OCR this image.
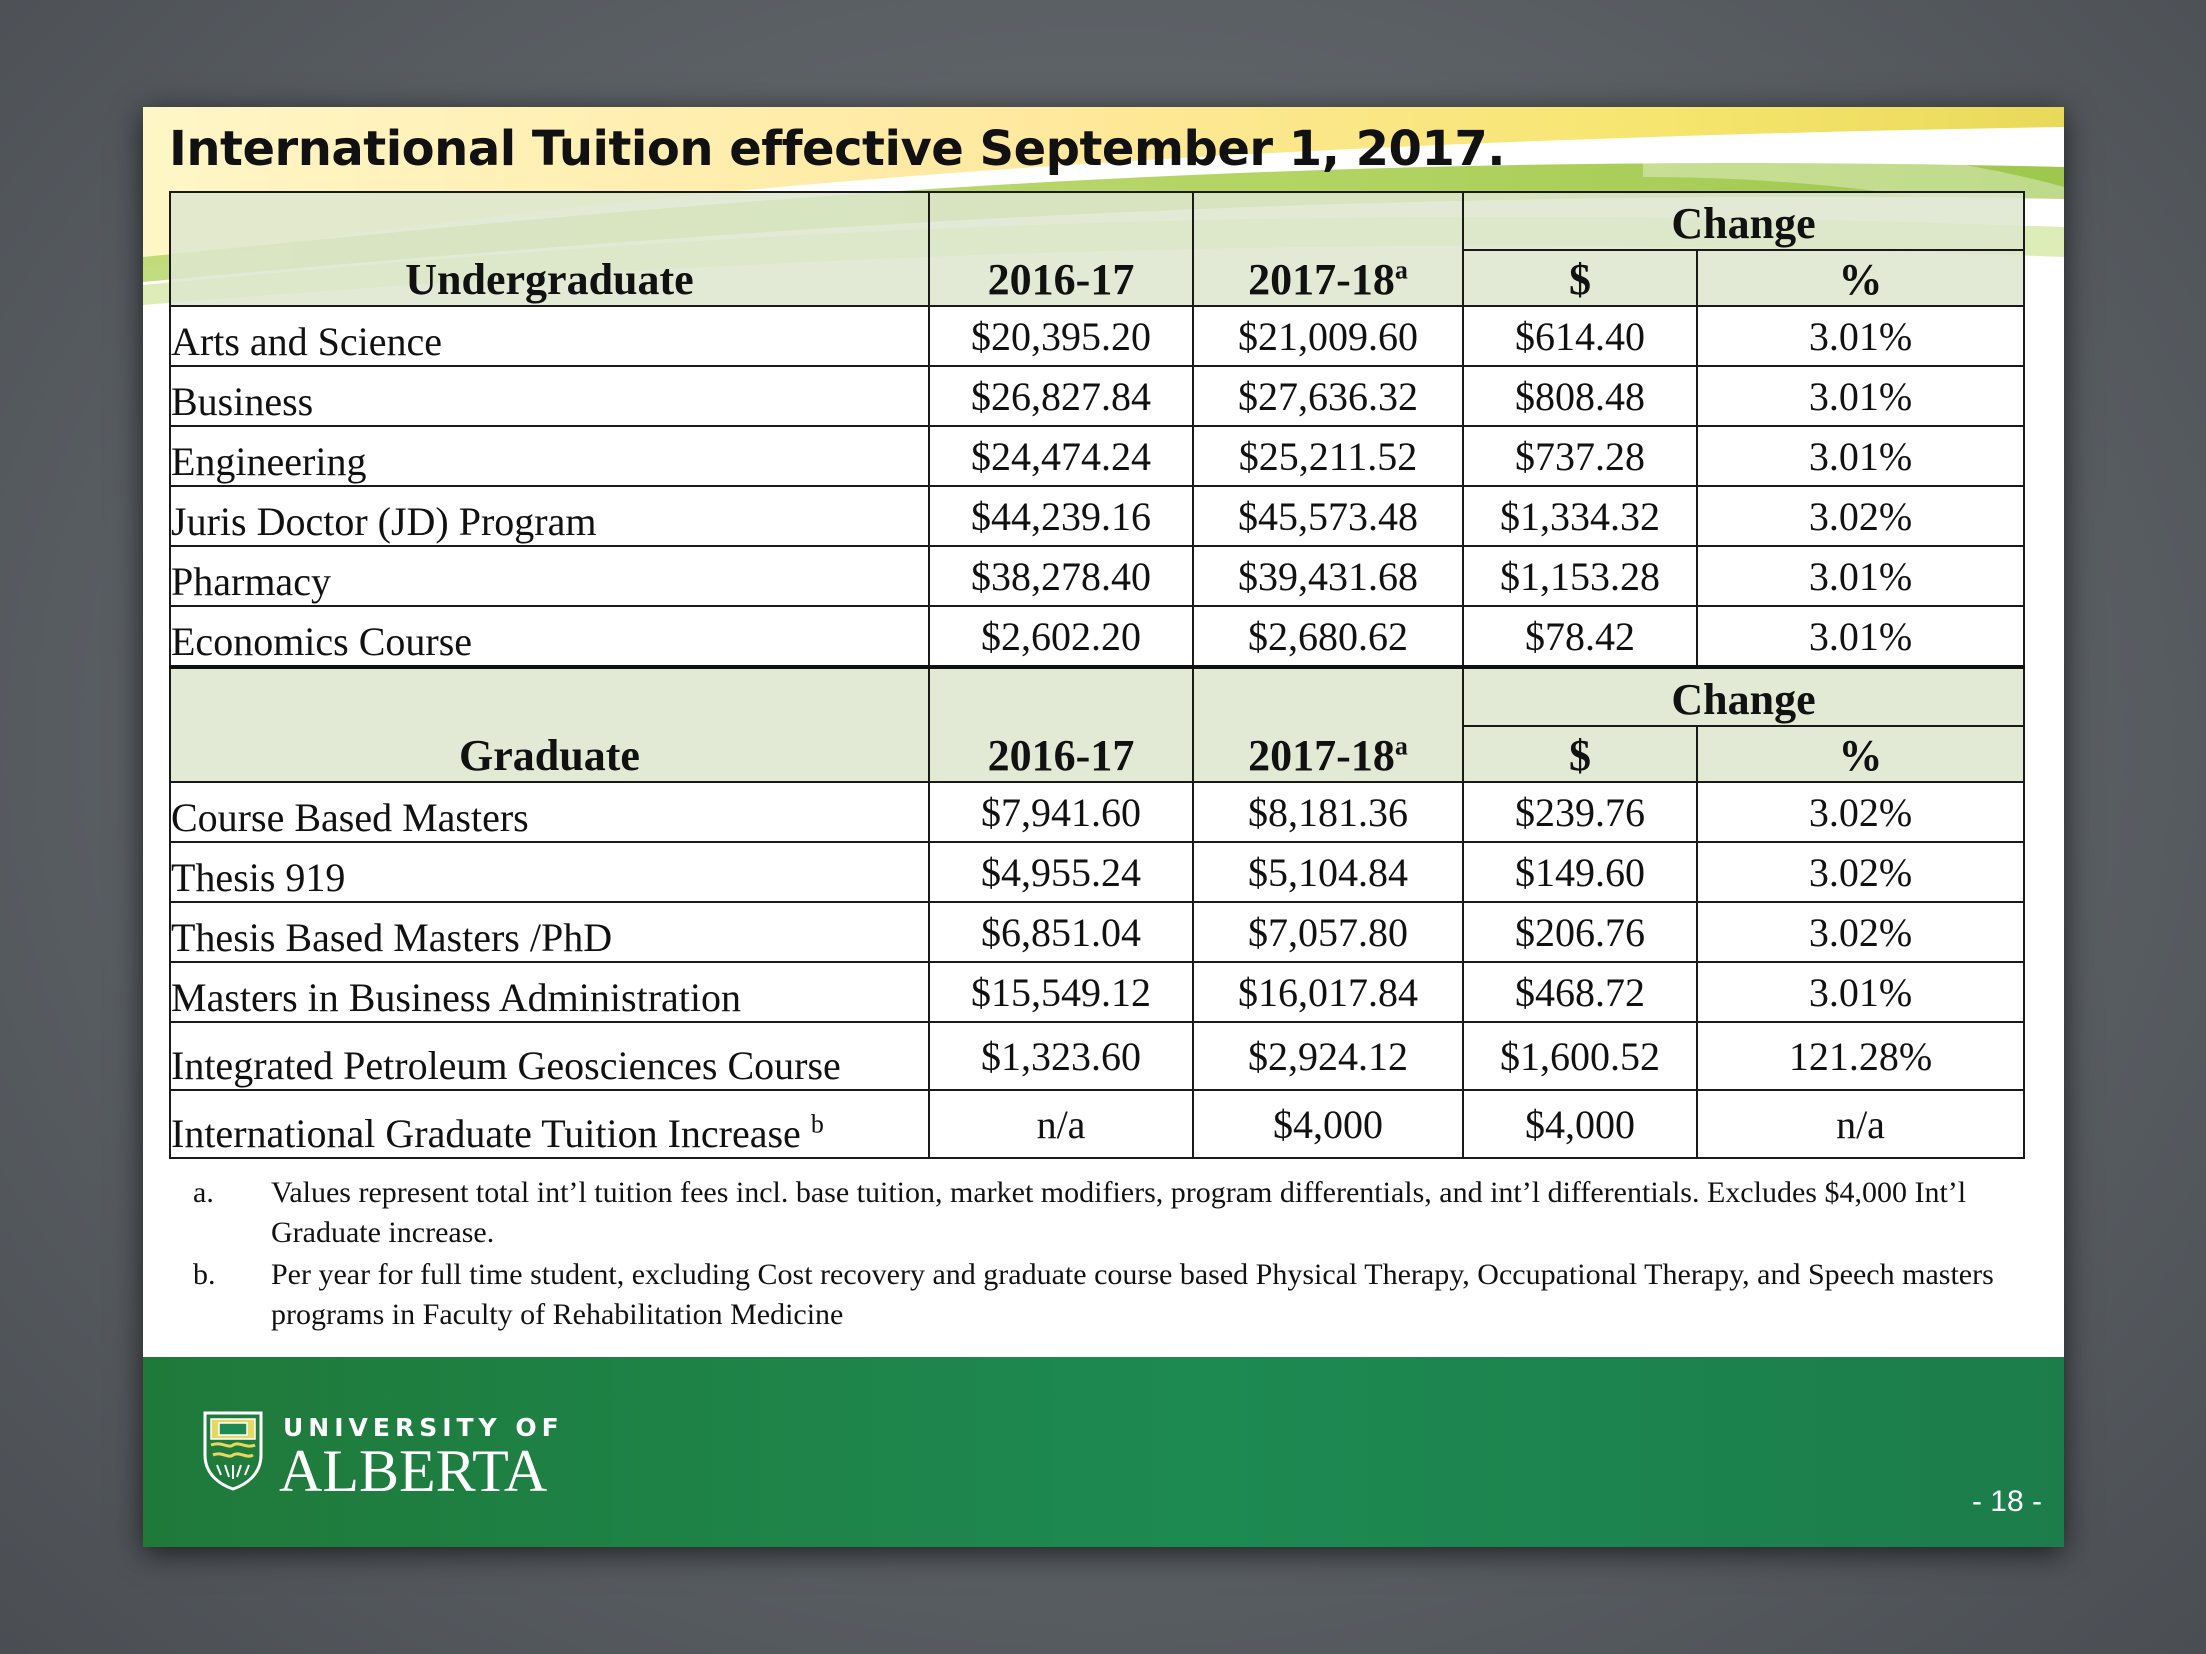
International Tuition effective September 1, 2017.
Undergraduate	2016-17	2017-18$^a$	Change	
			$	%
Arts and Science	$20,395.20	$21,009.60	$614.40	3.01%
Business	$26,827.84	$27,636.32	$808.48	3.01%
Engineering	$24,474.24	$25,211.52	$737.28	3.01%
Juris Doctor (JD) Program	$44,239.16	$45,573.48	$1,334.32	3.02%
Pharmacy	$38,278.40	$39,431.68	$1,153.28	3.01%
Economics Course	$2,602.20	$2,680.62	$78.42	3.01%
Graduate	2016-17	2017-18$^a$	Change	
			$	%
Course Based Masters	$7,941.60	$8,181.36	$239.76	3.02%
Thesis 919	$4,955.24	$5,104.84	$149.60	3.02%
Thesis Based Masters /PhD	$6,851.04	$7,057.80	$206.76	3.02%
Masters in Business Administration	$15,549.12	$16,017.84	$468.72	3.01%
Integrated Petroleum Geosciences Course	$1,323.60	$2,924.12	$1,600.52	121.28%
International Graduate Tuition Increase $^b$	n/a	$4,000	$4,000	n/a
a.	Values represent total int’l tuition fees incl. base tuition, market modifiers, program differentials, and int’l differentials. Excludes $4,000 Int’l Graduate increase.
b.	Per year for full time student, excluding Cost recovery and graduate course based Physical Therapy, Occupational Therapy, and Speech masters programs in Faculty of Rehabilitation Medicine
UNIVERSITY OF
ALBERTA	- 18 -
